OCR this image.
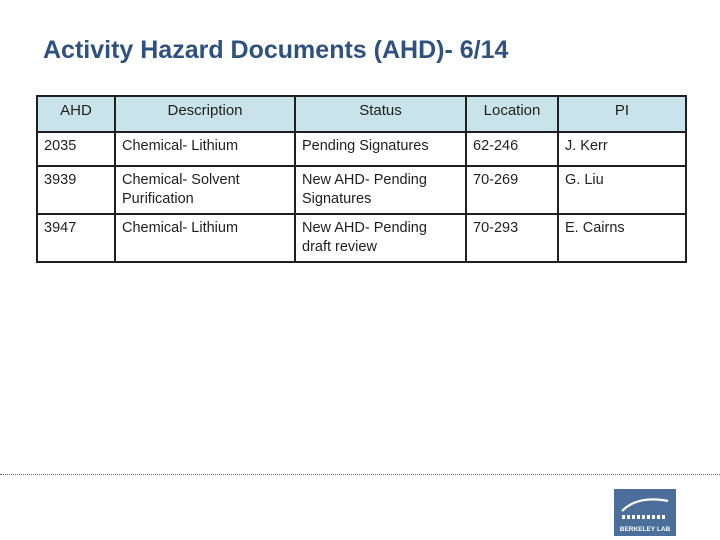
Activity Hazard Documents (AHD)- 6/14
AHD	Description	Status	Location	PI
2035	Chemical- Lithium	Pending Signatures	62-246	J. Kerr
3939	Chemical- Solvent Purification	New AHD- Pending Signatures	70-269	G. Liu
3947	Chemical- Lithium	New AHD- Pending draft review	70-293	E. Cairns
BERKELEY LAB
